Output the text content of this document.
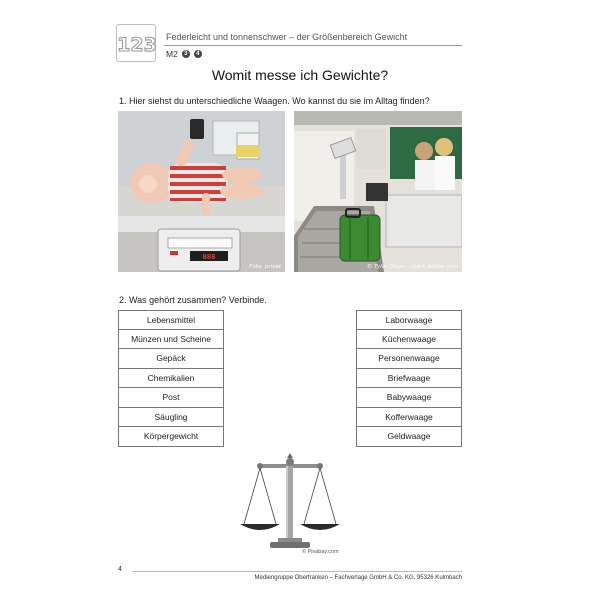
123 Federleicht und tonnenschwer – der Größenbereich Gewicht
M2	3	4
Womit messe ich Gewichte?
1. Hier siehst du unterschiedliche Waagen. Wo kannst du sie im Alltag finden?
888
Foto: privat	© Tyler Olson – stock.adobe.com
2. Was gehört zusammen? Verbinde.
Lebensmittel
Münzen und Scheine
Gepäck
Chemikalien
Post
Säugling
Körpergewicht
Laborwaage
Küchenwaage
Personenwaage
Briefwaage
Babywaage
Kofferwaage
Geldwaage
© Pixabay.com
4
Mediengruppe Oberfranken – Fachverlage GmbH & Co. KG, 95326 Kulmbach
